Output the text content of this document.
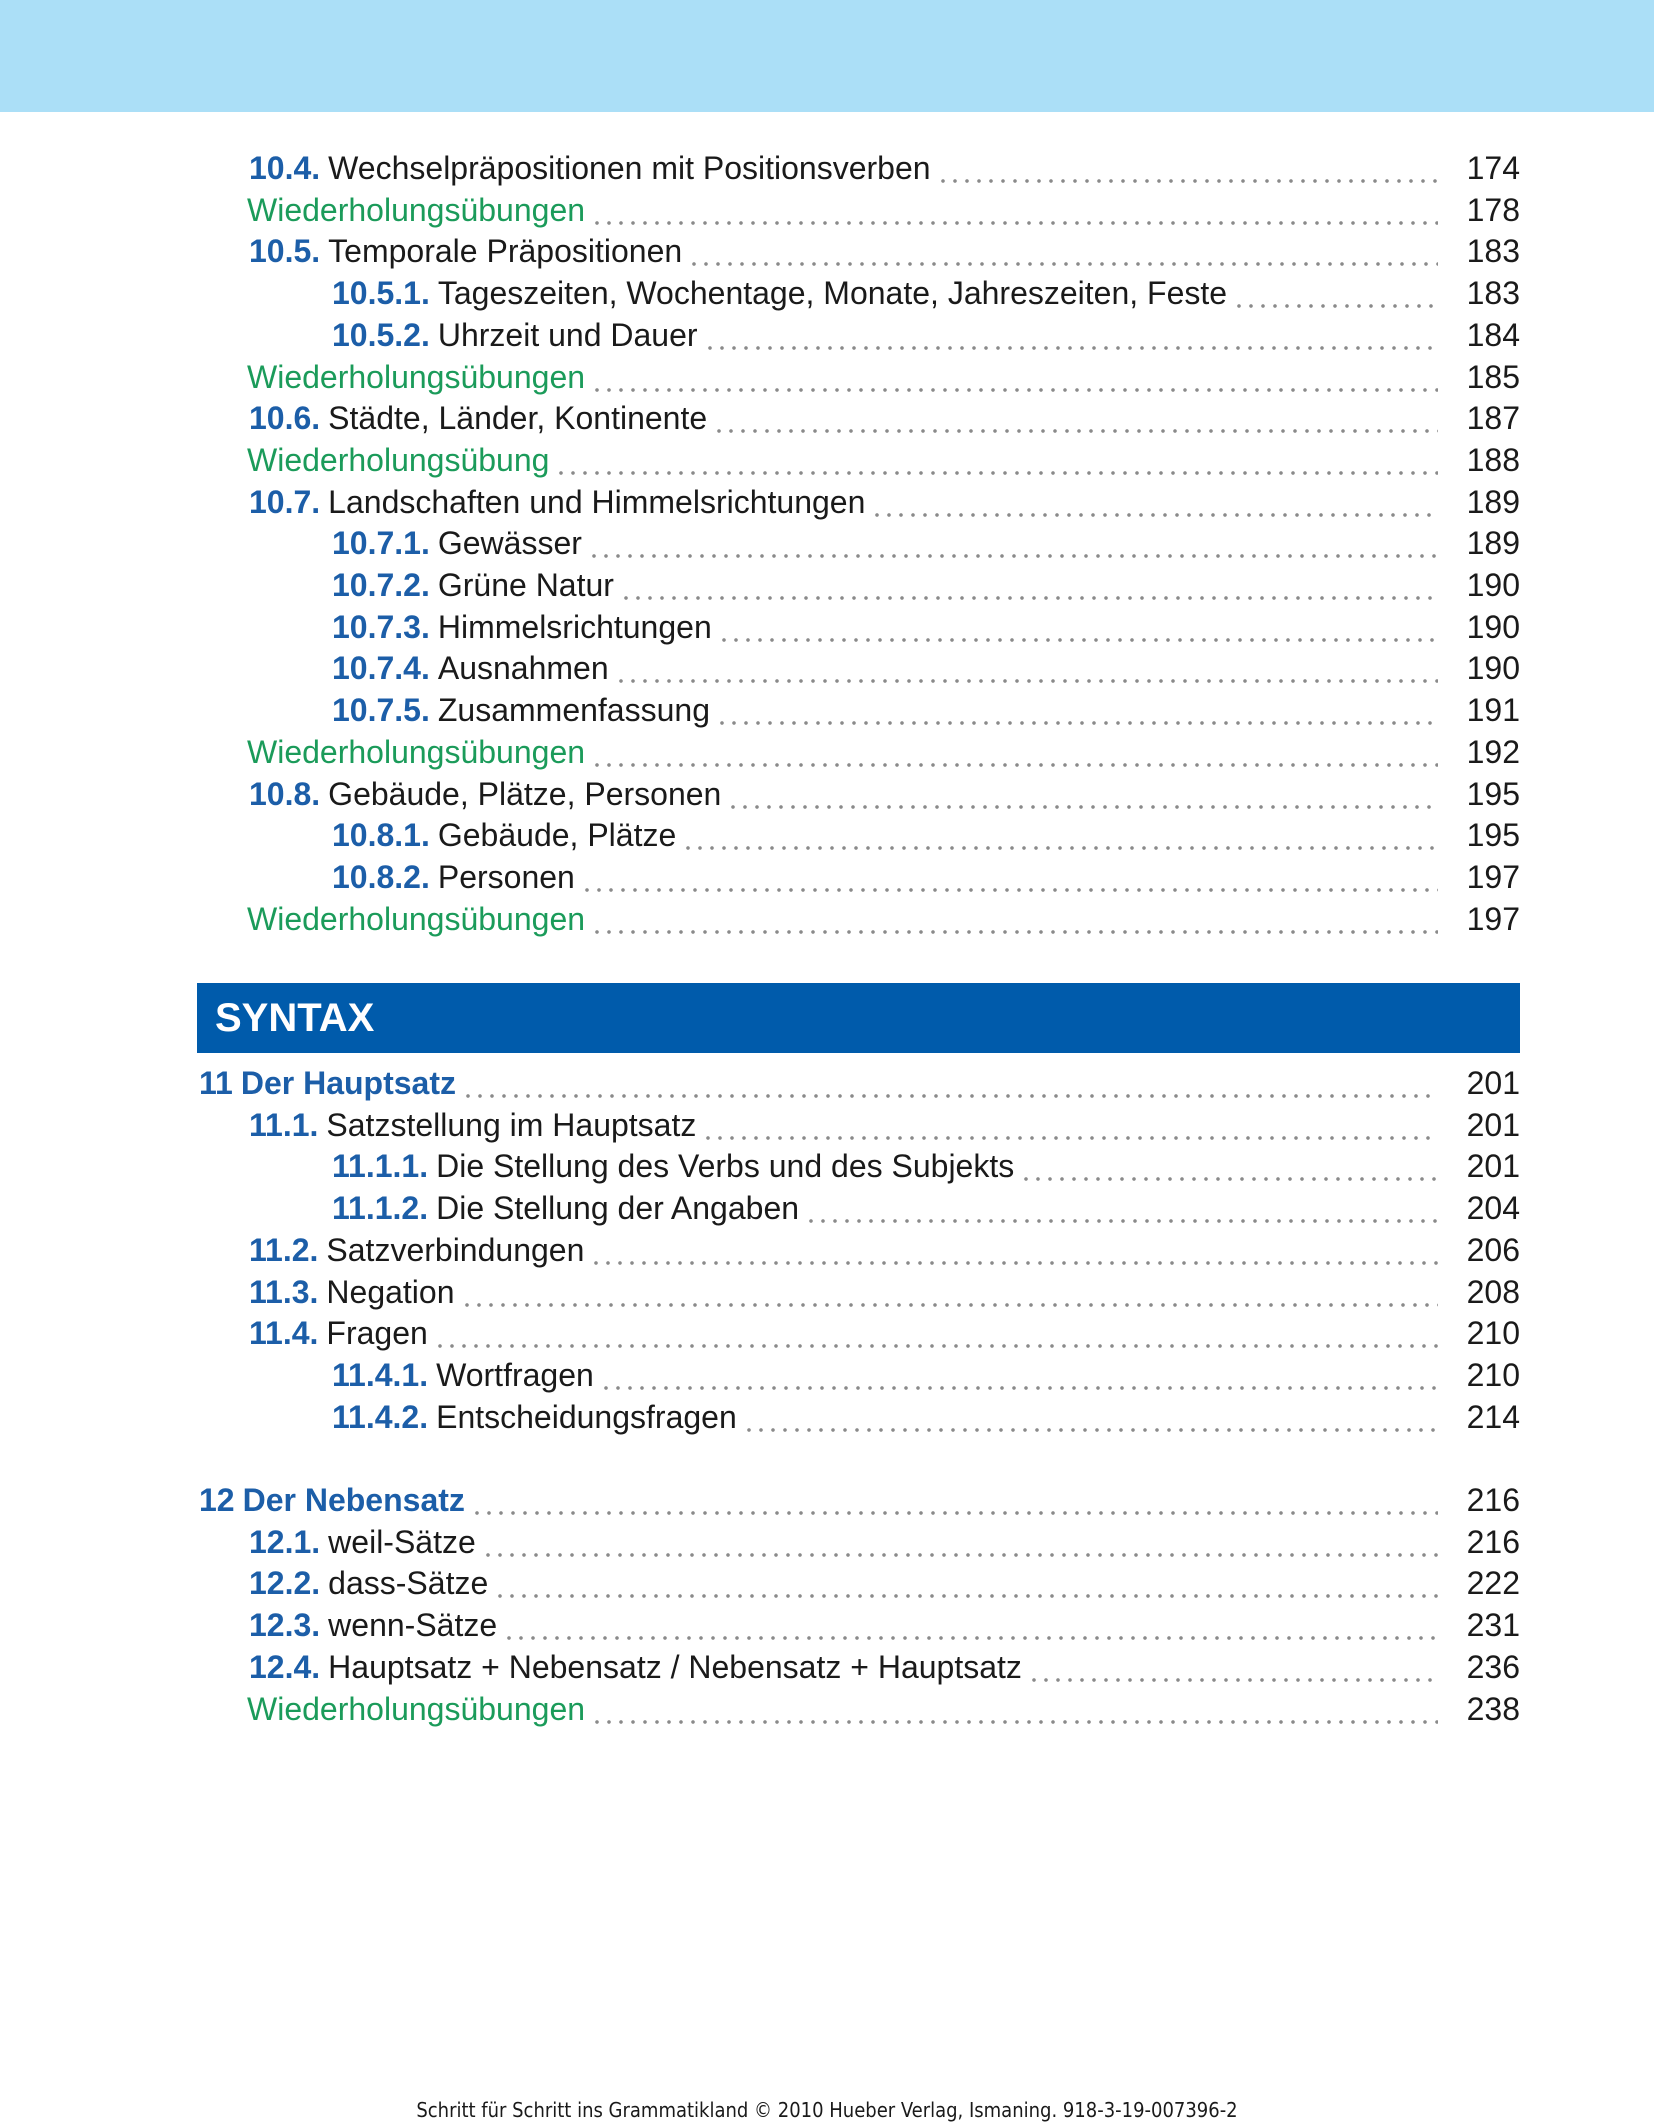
10.4. Wechselpräpositionen mit Positionsverben	174
Wiederholungsübungen	178
10.5. Temporale Präpositionen	183
10.5.1. Tageszeiten, Wochentage, Monate, Jahreszeiten, Feste	183
10.5.2. Uhrzeit und Dauer	184
Wiederholungsübungen	185
10.6. Städte, Länder, Kontinente	187
Wiederholungsübung	188
10.7. Landschaften und Himmelsrichtungen	189
10.7.1. Gewässer	189
10.7.2. Grüne Natur	190
10.7.3. Himmelsrichtungen	190
10.7.4. Ausnahmen	190
10.7.5. Zusammenfassung	191
Wiederholungsübungen	192
10.8. Gebäude, Plätze, Personen	195
10.8.1. Gebäude, Plätze	195
10.8.2. Personen	197
Wiederholungsübungen	197
11 Der Hauptsatz	201
11.1. Satzstellung im Hauptsatz	201
11.1.1. Die Stellung des Verbs und des Subjekts	201
11.1.2. Die Stellung der Angaben	204
11.2. Satzverbindungen	206
11.3. Negation	208
11.4. Fragen	210
11.4.1. Wortfragen	210
11.4.2. Entscheidungsfragen	214
12 Der Nebensatz	216
12.1. weil-Sätze	216
12.2. dass-Sätze	222
12.3. wenn-Sätze	231
12.4. Hauptsatz + Nebensatz / Nebensatz + Hauptsatz	236
Wiederholungsübungen	238
SYNTAX
Schritt für Schritt ins Grammatikland © 2010 Hueber Verlag, Ismaning. 918-3-19-007396-2
